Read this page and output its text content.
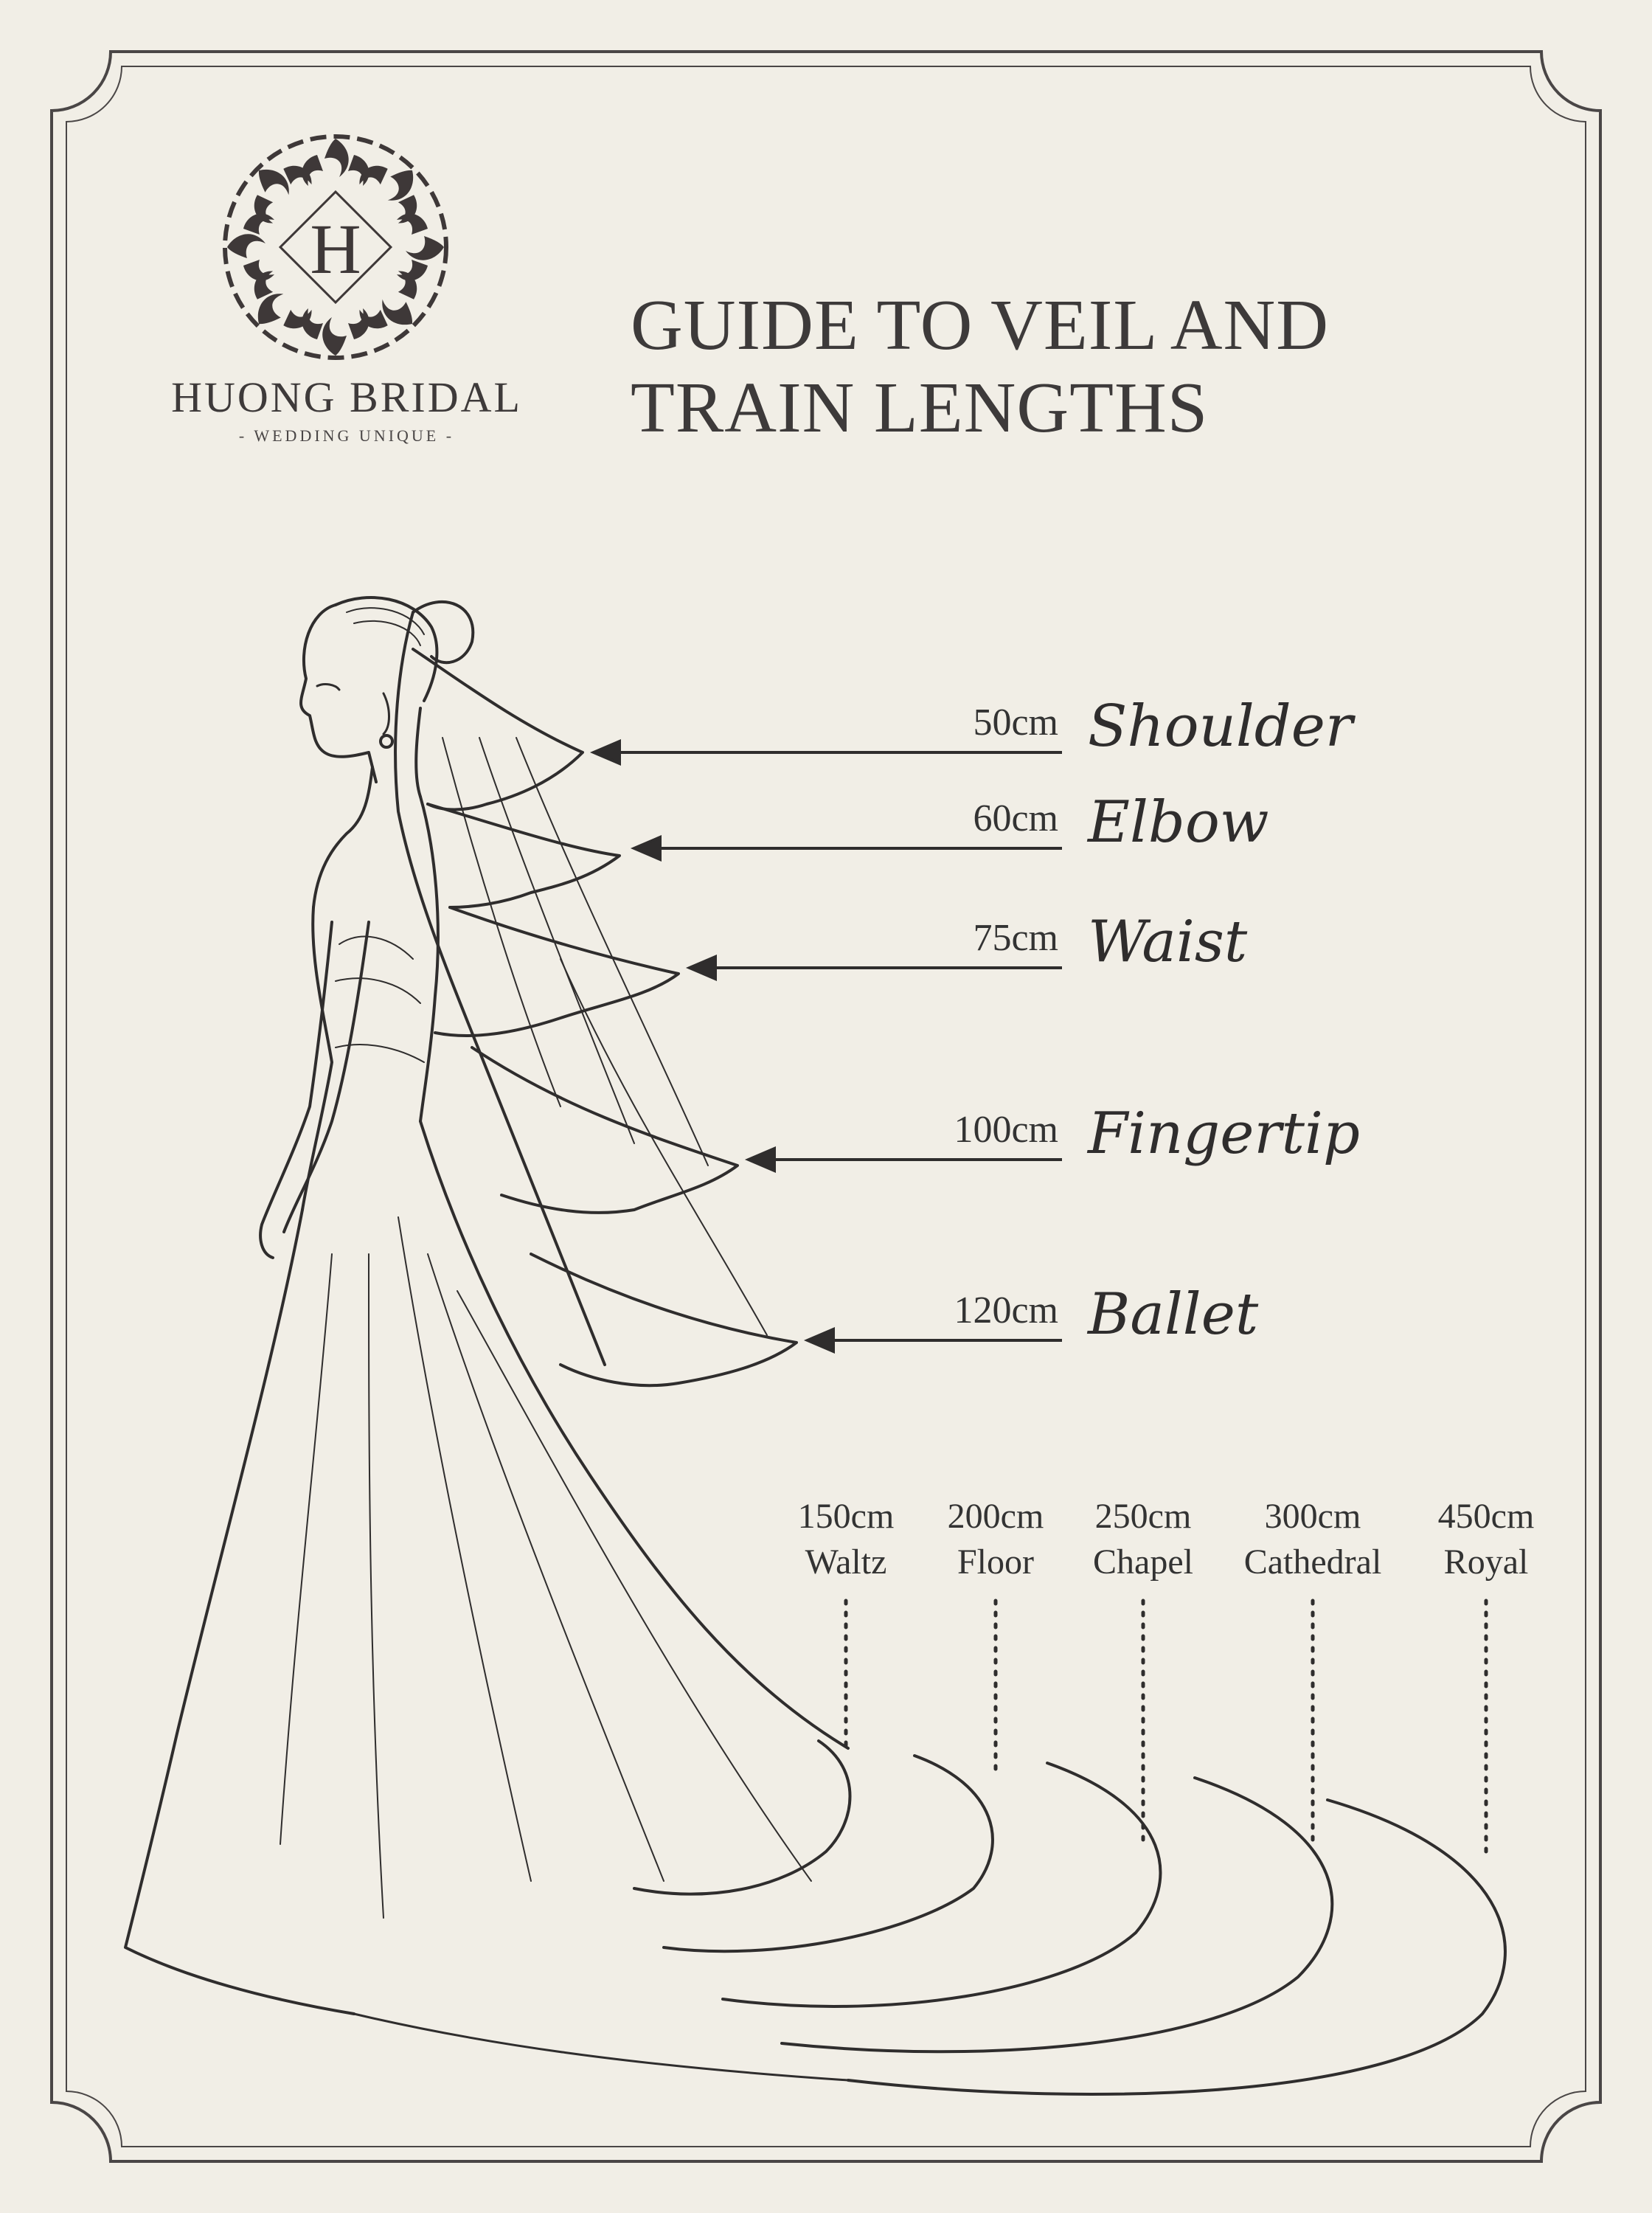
H
HUONG BRIDAL
- WEDDING UNIQUE -
GUIDE TO VEIL AND
TRAIN LENGTHS
50cm Shoulder
60cm Elbow
75cm Waist
100cm Fingertip
120cm Ballet
150cm
Waltz
200cm
Floor
250cm
Chapel
300cm
Cathedral
450cm
Royal
